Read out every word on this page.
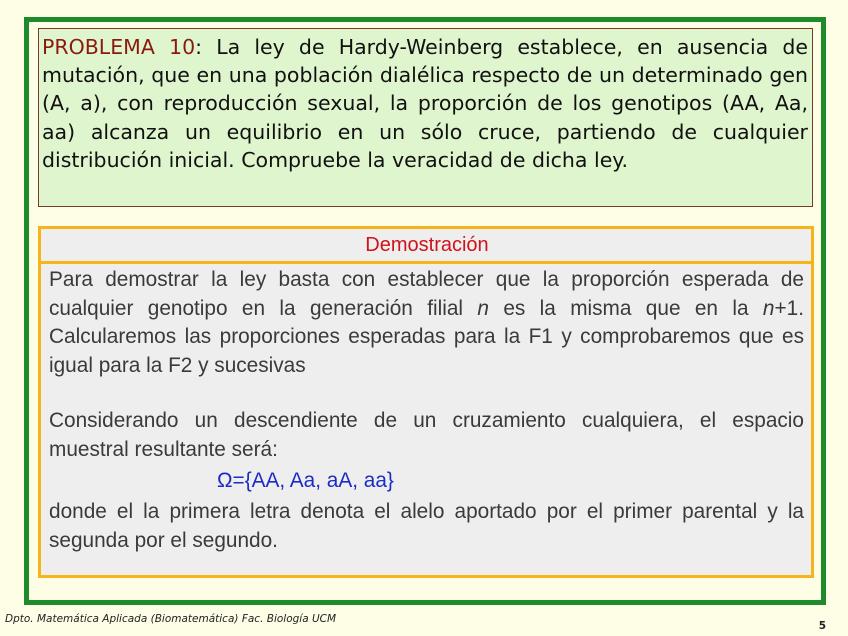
PROBLEMA 10: La ley de Hardy-Weinberg establece, en ausencia de mutación, que en una población dialélica respecto de un determinado gen (A, a), con reproducción sexual, la proporción de los genotipos (AA, Aa, aa) alcanza un equilibrio en un sólo cruce, partiendo de cualquier distribución inicial. Compruebe la veracidad de dicha ley.
Demostración

Para demostrar la ley basta con establecer que la proporción esperada de cualquier genotipo en la generación filial n es la misma que en la n+1. Calcularemos las proporciones esperadas para la F1 y comprobaremos que es igual para la F2 y sucesivas

Considerando un descendiente de un cruzamiento cualquiera, el espacio muestral resultante será:

Ω={AA, Aa, aA, aa}

donde el la primera letra denota el alelo aportado por el primer parental y la segunda por el segundo.

Dpto. Matemática Aplicada (Biomatemática) Fac. Biología UCM
5
